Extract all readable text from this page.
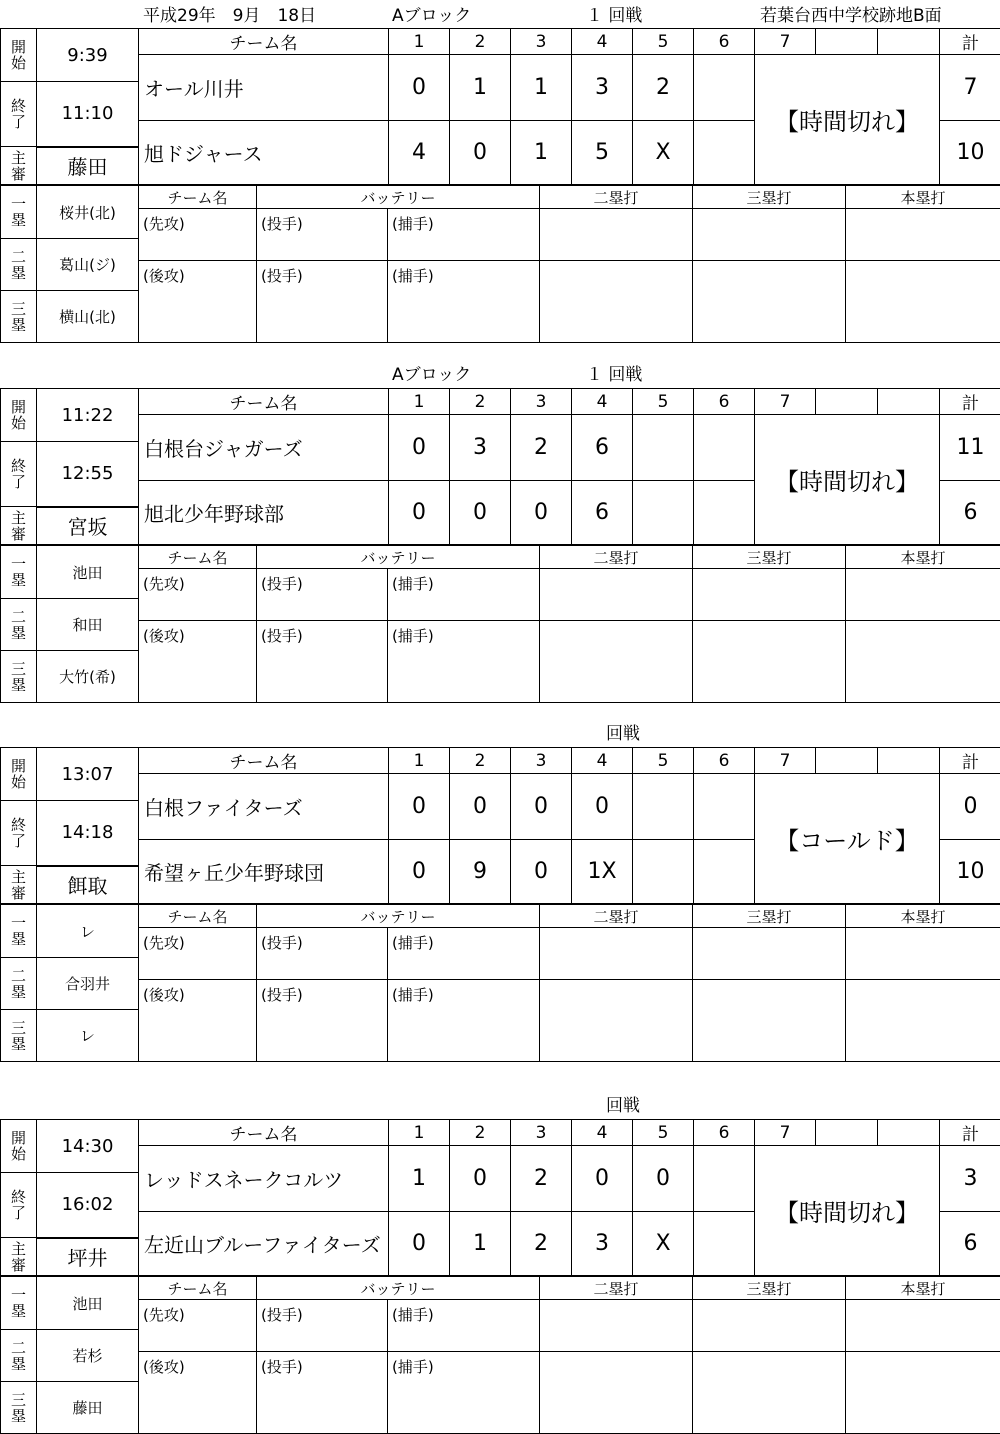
平成29年　9月　18日	Aブロック	１ 回戦	若葉台西中学校跡地B面
開
始	9:39	チーム名	1	2	3	4	5	6	7			計
		オール川井	0	1	1	3	2		【時間切れ】			7

終
了	11:10											
		旭ドジャース	4	0	1	5	X					10

主
審	藤田											
一
塁	桜井(北)	チーム名	バッテリー		二塁打	三塁打	本塁打
		(先攻)	(投手)	(捕手)			

二
塁	葛山(ジ)						
		(後攻)	(投手)	(捕手)			

三
塁	横山(北)						
Aブロック	１ 回戦
開
始	11:22	チーム名	1	2	3	4	5	6	7			計
		白根台ジャガーズ	0	3	2	6			【時間切れ】			11

終
了	12:55											
		旭北少年野球部	0	0	0	6						6

主
審	宮坂											
一
塁	池田	チーム名	バッテリー		二塁打	三塁打	本塁打
		(先攻)	(投手)	(捕手)			

二
塁	和田						
		(後攻)	(投手)	(捕手)			

三
塁	大竹(希)						
回戦
開
始	13:07	チーム名	1	2	3	4	5	6	7			計
		白根ファイターズ	0	0	0	0			【コールド】			0

終
了	14:18											
		希望ヶ丘少年野球団	0	9	0	1X						10

主
審	餌取											
一
塁	レ	チーム名	バッテリー		二塁打	三塁打	本塁打
		(先攻)	(投手)	(捕手)			

二
塁	合羽井						
		(後攻)	(投手)	(捕手)			

三
塁	レ						
回戦
開
始	14:30	チーム名	1	2	3	4	5	6	7			計
		レッドスネークコルツ	1	0	2	0	0		【時間切れ】			3

終
了	16:02											
		左近山ブルーファイターズ	0	1	2	3	X					6

主
審	坪井											
一
塁	池田	チーム名	バッテリー		二塁打	三塁打	本塁打
		(先攻)	(投手)	(捕手)			

二
塁	若杉						
		(後攻)	(投手)	(捕手)			

三
塁	藤田						
